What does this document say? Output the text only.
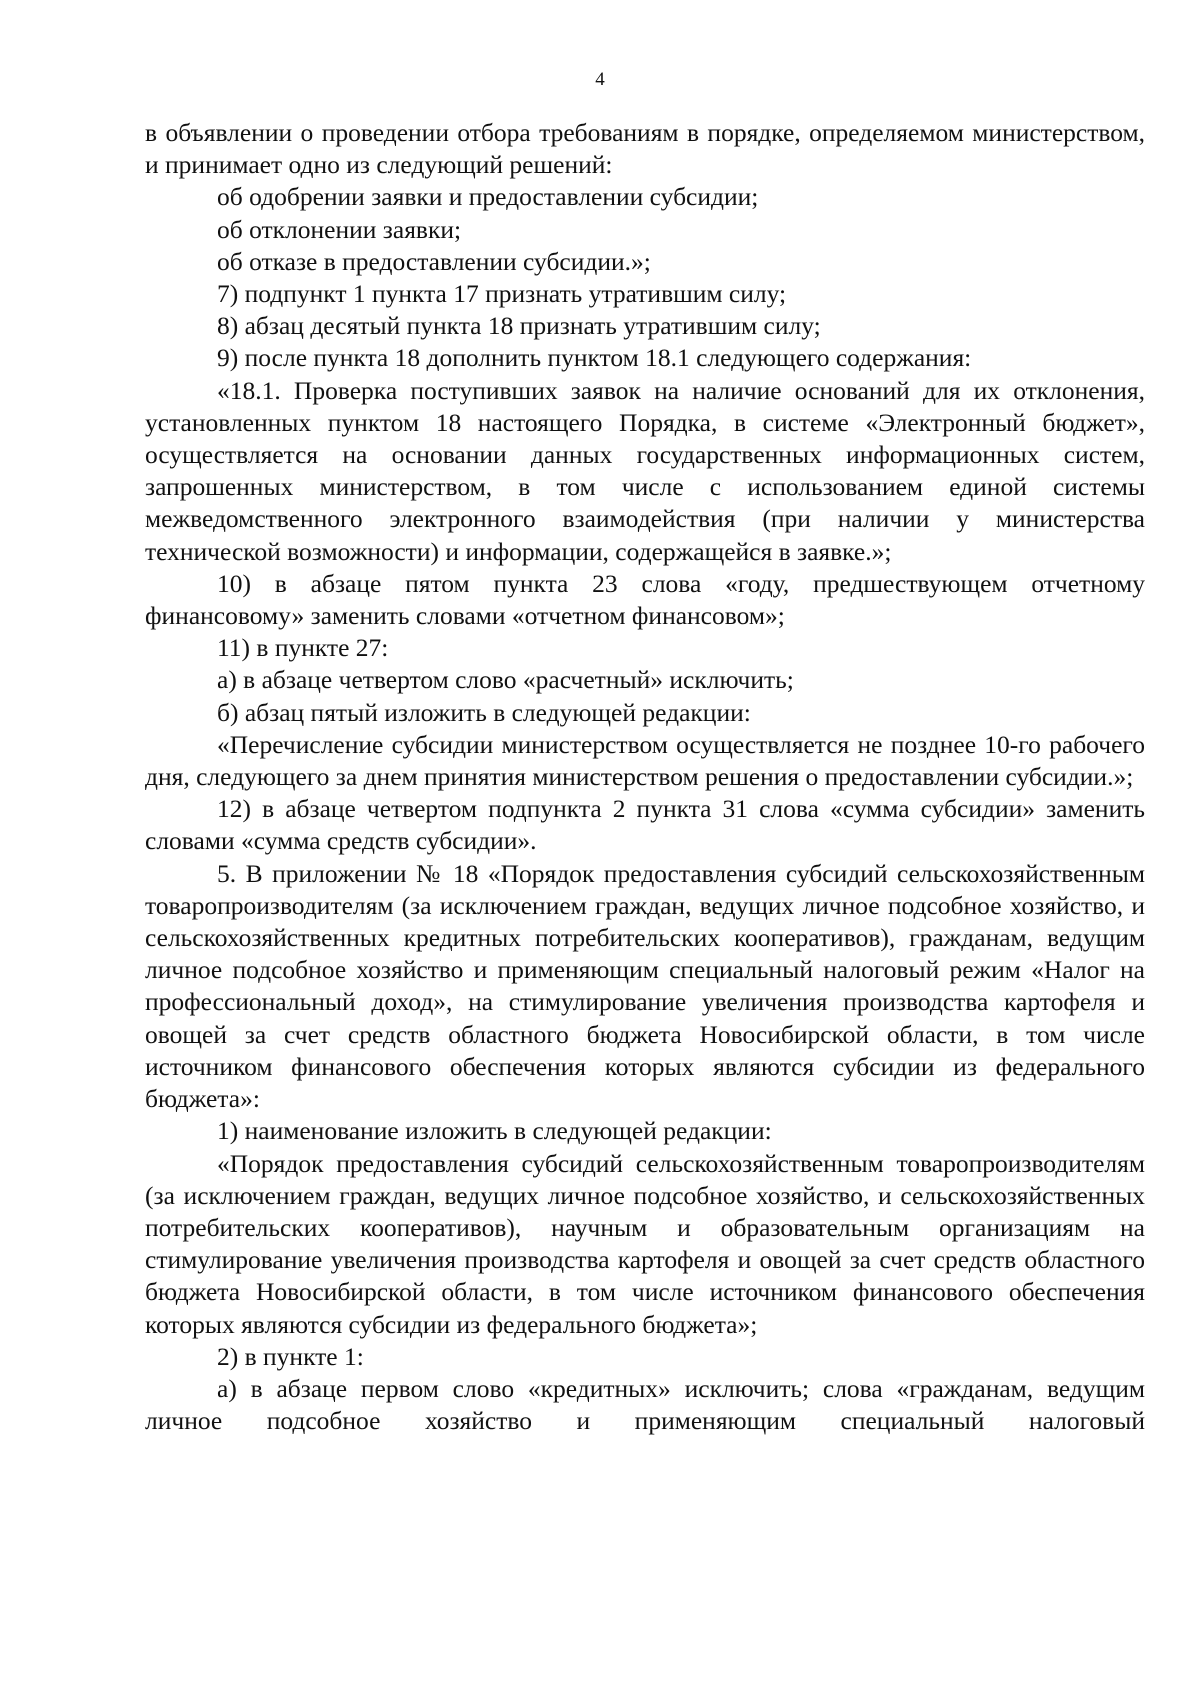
4

в объявлении о проведении отбора требованиям в порядке, определяемом министерством, и принимает одно из следующий решений:

об одобрении заявки и предоставлении субсидии;

об отклонении заявки;

об отказе в предоставлении субсидии.»;

7) подпункт 1 пункта 17 признать утратившим силу;

8) абзац десятый пункта 18 признать утратившим силу;

9) после пункта 18 дополнить пунктом 18.1 следующего содержания:

«18.1. Проверка поступивших заявок на наличие оснований для их отклонения, установленных пунктом 18 настоящего Порядка, в системе «Электронный бюджет», осуществляется на основании данных государственных информационных систем, запрошенных министерством, в том числе с использованием единой системы межведомственного электронного взаимодействия (при наличии у министерства технической возможности) и информации, содержащейся в заявке.»;

10) в абзаце пятом пункта 23 слова «году, предшествующем отчетному финансовому» заменить словами «отчетном финансовом»;

11) в пункте 27:

а) в абзаце четвертом слово «расчетный» исключить;

б) абзац пятый изложить в следующей редакции:

«Перечисление субсидии министерством осуществляется не позднее 10-го рабочего дня, следующего за днем принятия министерством решения о предоставлении субсидии.»;

12) в абзаце четвертом подпункта 2 пункта 31 слова «сумма субсидии» заменить словами «сумма средств субсидии».

5. В приложении № 18 «Порядок предоставления субсидий сельскохозяйственным товаропроизводителям (за исключением граждан, ведущих личное подсобное хозяйство, и сельскохозяйственных кредитных потребительских кооперативов), гражданам, ведущим личное подсобное хозяйство и применяющим специальный налоговый режим «Налог на профессиональный доход», на стимулирование увеличения производства картофеля и овощей за счет средств областного бюджета Новосибирской области, в том числе источником финансового обеспечения которых являются субсидии из федерального бюджета»:

1) наименование изложить в следующей редакции:

«Порядок предоставления субсидий сельскохозяйственным товаропроизводителям (за исключением граждан, ведущих личное подсобное хозяйство, и сельскохозяйственных потребительских кооперативов), научным и образовательным организациям на стимулирование увеличения производства картофеля и овощей за счет средств областного бюджета Новосибирской области, в том числе источником финансового обеспечения которых являются субсидии из федерального бюджета»;

2) в пункте 1:

а) в абзаце первом слово «кредитных» исключить; слова «гражданам, ведущим личное подсобное хозяйство и применяющим специальный налоговый
